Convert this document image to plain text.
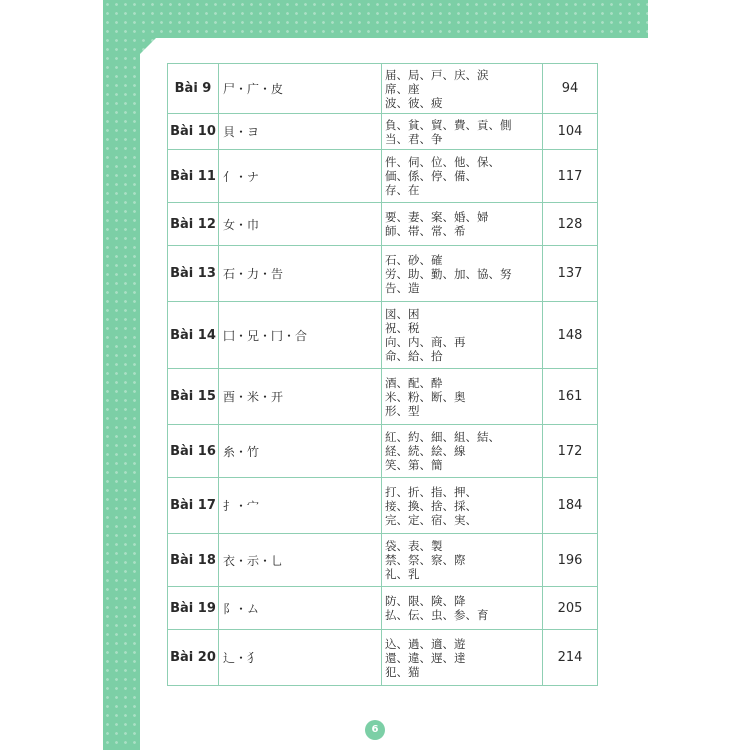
Bài 9	尸・广・皮	届、局、戸、庆、涙
席、座
波、彼、疲	94
Bài 10	貝・ヨ	負、貧、貿、費、貢、側
当、君、争	104
Bài 11	亻・ナ	件、伺、位、他、保、
価、係、停、備、
存、在	117
Bài 12	女・巾	要、妻、案、婚、婦
師、帯、常、希	128
Bài 13	石・力・告	石、砂、確
労、助、勤、加、協、努
告、造	137
Bài 14	囗・兄・冂・合	図、困
祝、税
向、内、商、再
命、給、拾	148
Bài 15	酉・米・开	酒、配、酔
米、粉、断、奥
形、型	161
Bài 16	糸・竹	紅、約、細、組、結、
経、続、絵、線
笑、第、簡	172
Bài 17	扌・宀	打、折、指、押、
接、換、捨、採、
完、定、宿、実、	184
Bài 18	衣・示・乚	袋、表、製
禁、祭、察、際
礼、乳	196
Bài 19	阝・ム	防、限、険、降
払、伝、虫、参、育	205
Bài 20	辶・犭	込、過、適、遊
還、違、遅、達
犯、猫	214
6
